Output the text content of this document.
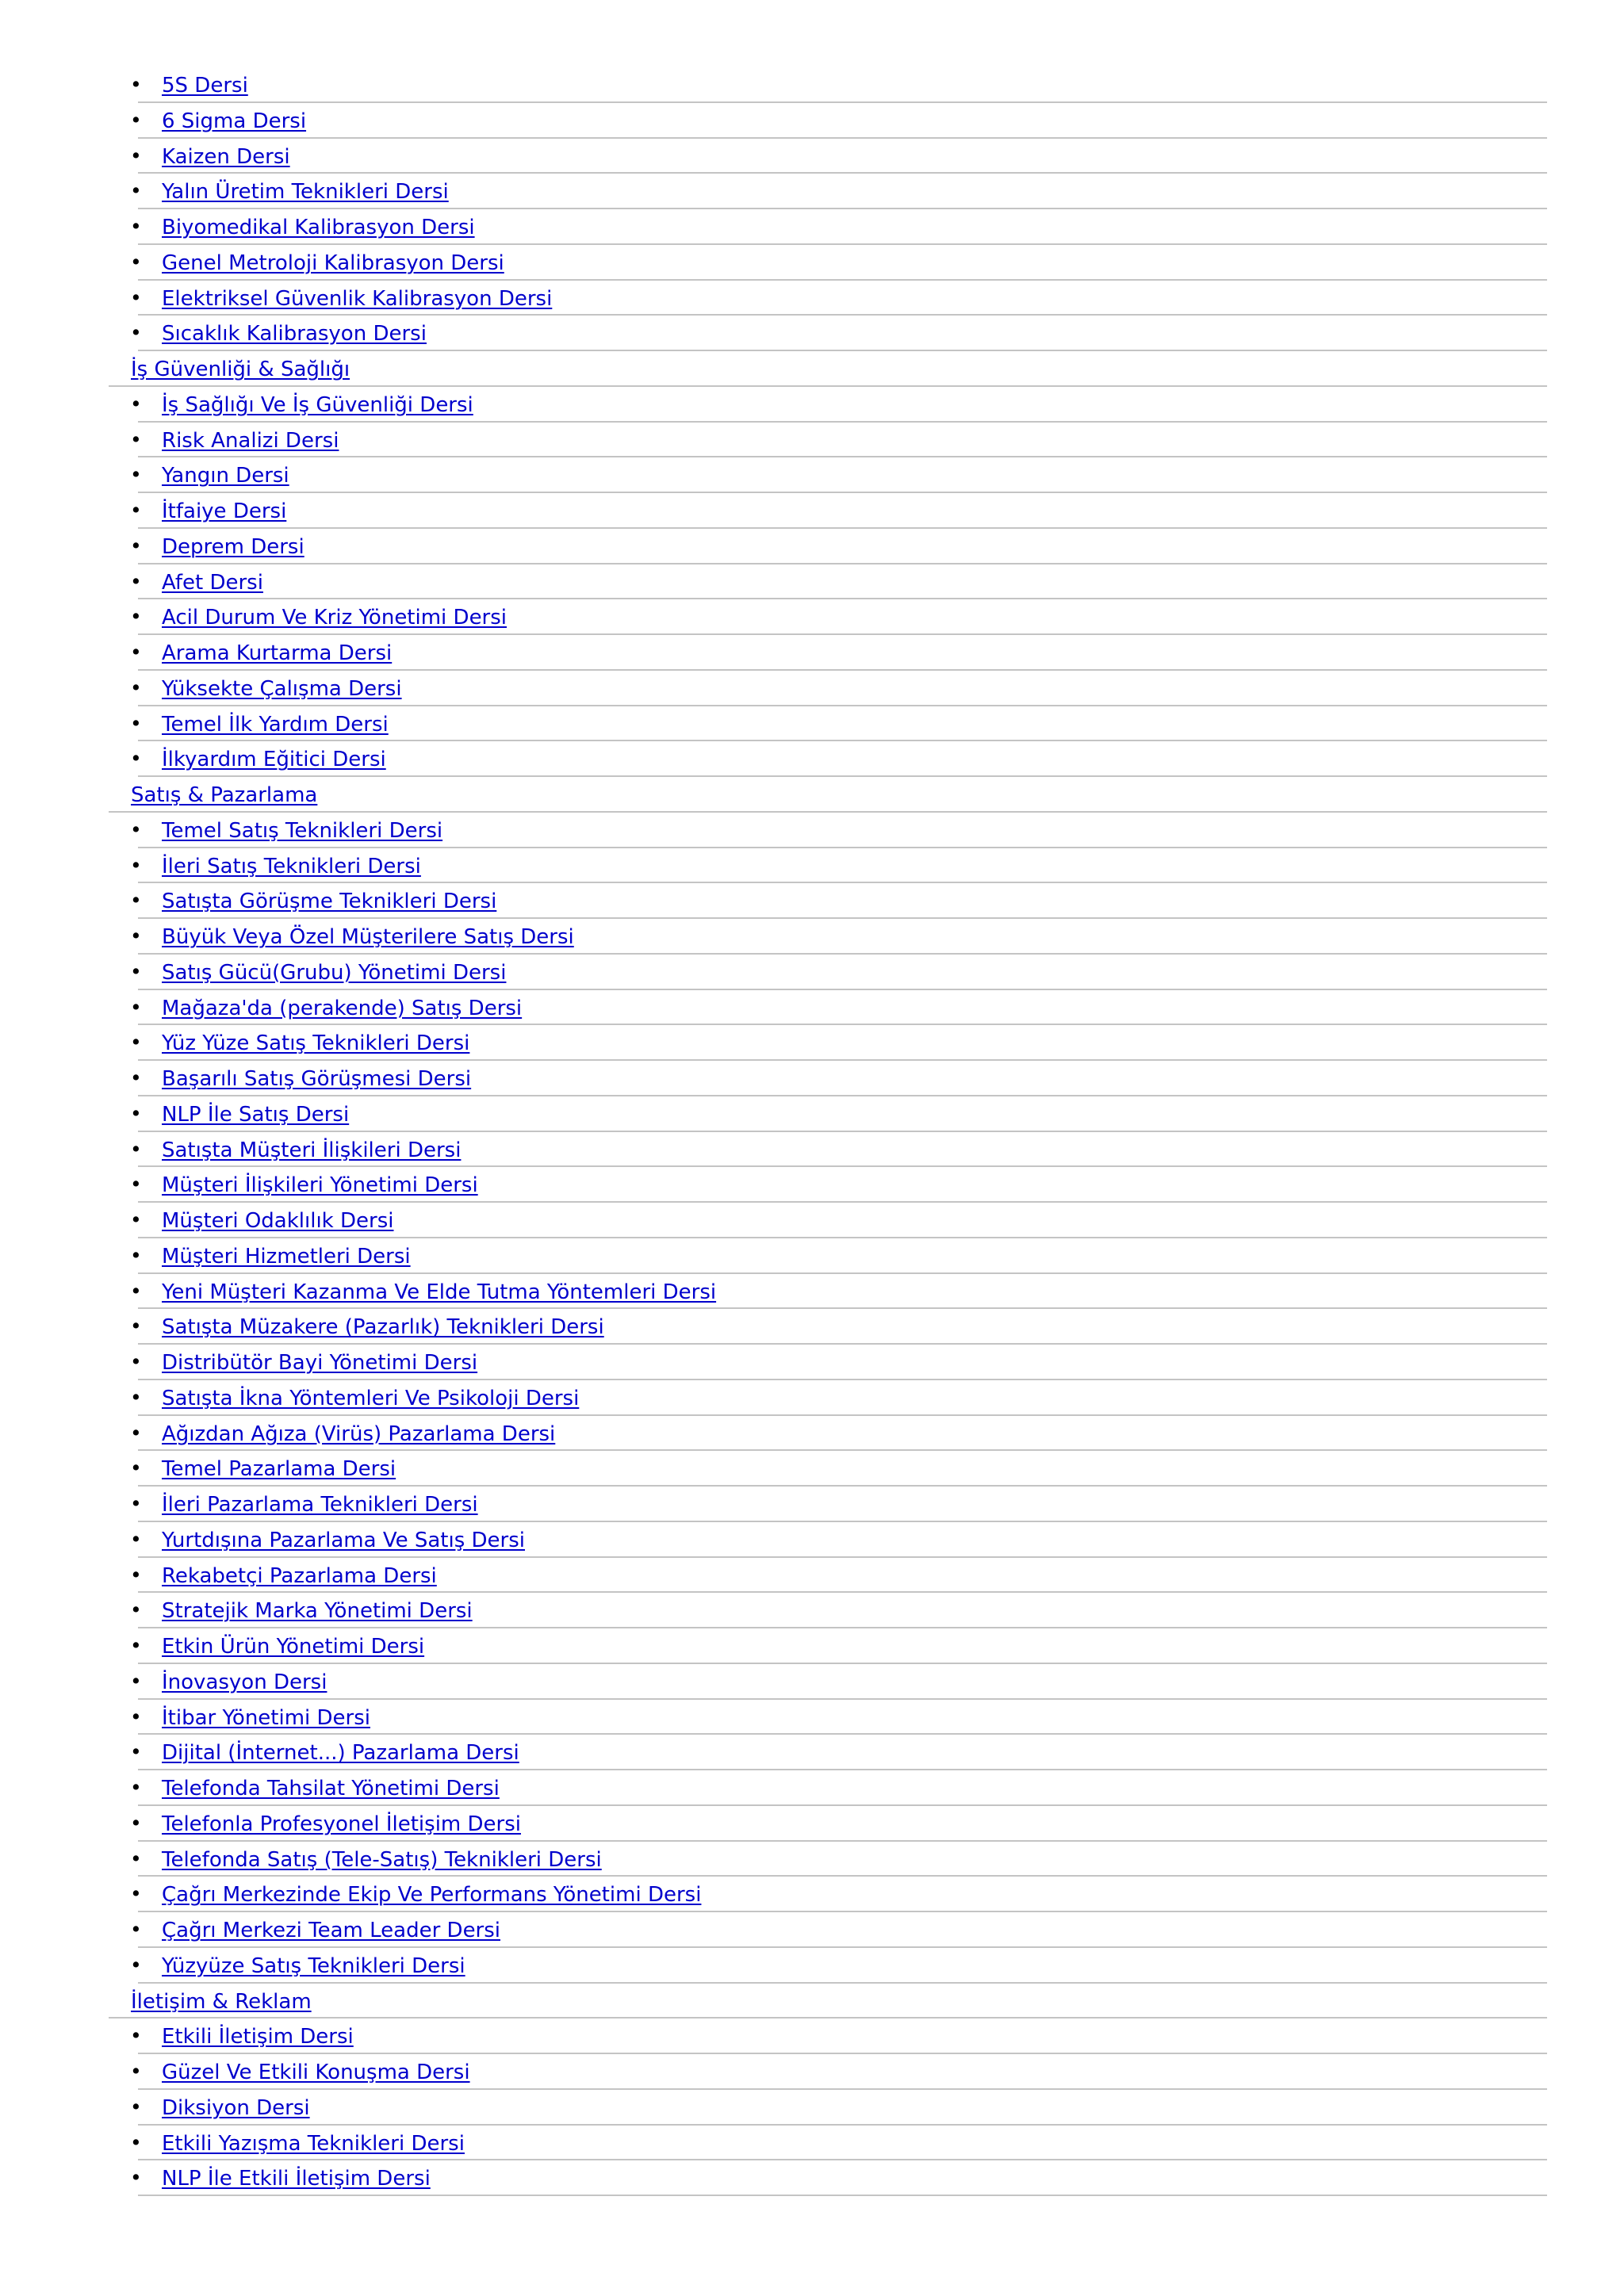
• 5S Dersi
• 6 Sigma Dersi
• Kaizen Dersi
• Yalın Üretim Teknikleri Dersi
• Biyomedikal Kalibrasyon Dersi
• Genel Metroloji Kalibrasyon Dersi
• Elektriksel Güvenlik Kalibrasyon Dersi
• Sıcaklık Kalibrasyon Dersi
İş Güvenliği & Sağlığı
• İş Sağlığı Ve İş Güvenliği Dersi
• Risk Analizi Dersi
• Yangın Dersi
• İtfaiye Dersi
• Deprem Dersi
• Afet Dersi
• Acil Durum Ve Kriz Yönetimi Dersi
• Arama Kurtarma Dersi
• Yüksekte Çalışma Dersi
• Temel İlk Yardım Dersi
• İlkyardım Eğitici Dersi
Satış & Pazarlama
• Temel Satış Teknikleri Dersi
• İleri Satış Teknikleri Dersi
• Satışta Görüşme Teknikleri Dersi
• Büyük Veya Özel Müşterilere Satış Dersi
• Satış Gücü(Grubu) Yönetimi Dersi
• Mağaza'da (perakende) Satış Dersi
• Yüz Yüze Satış Teknikleri Dersi
• Başarılı Satış Görüşmesi Dersi
• NLP İle Satış Dersi
• Satışta Müşteri İlişkileri Dersi
• Müşteri İlişkileri Yönetimi Dersi
• Müşteri Odaklılık Dersi
• Müşteri Hizmetleri Dersi
• Yeni Müşteri Kazanma Ve Elde Tutma Yöntemleri Dersi
• Satışta Müzakere (Pazarlık) Teknikleri Dersi
• Distribütör Bayi Yönetimi Dersi
• Satışta İkna Yöntemleri Ve Psikoloji Dersi
• Ağızdan Ağıza (Virüs) Pazarlama Dersi
• Temel Pazarlama Dersi
• İleri Pazarlama Teknikleri Dersi
• Yurtdışına Pazarlama Ve Satış Dersi
• Rekabetçi Pazarlama Dersi
• Stratejik Marka Yönetimi Dersi
• Etkin Ürün Yönetimi Dersi
• İnovasyon Dersi
• İtibar Yönetimi Dersi
• Dijital (İnternet...) Pazarlama Dersi
• Telefonda Tahsilat Yönetimi Dersi
• Telefonla Profesyonel İletişim Dersi
• Telefonda Satış (Tele-Satış) Teknikleri Dersi
• Çağrı Merkezinde Ekip Ve Performans Yönetimi Dersi
• Çağrı Merkezi Team Leader Dersi
• Yüzyüze Satış Teknikleri Dersi
İletişim & Reklam
• Etkili İletişim Dersi
• Güzel Ve Etkili Konuşma Dersi
• Diksiyon Dersi
• Etkili Yazışma Teknikleri Dersi
• NLP İle Etkili İletişim Dersi
